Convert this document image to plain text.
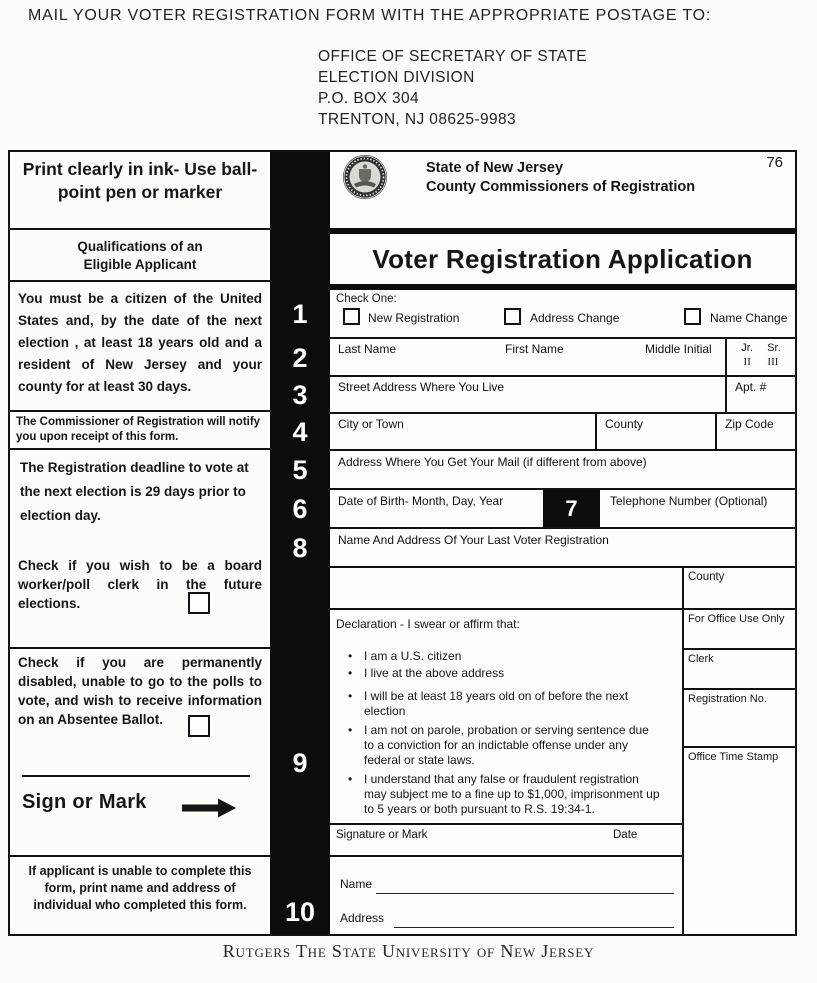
MAIL YOUR VOTER REGISTRATION FORM WITH THE APPROPRIATE POSTAGE TO:
OFFICE OF SECRETARY OF STATE
ELECTION DIVISION
P.O. BOX 304
TRENTON, NJ 08625-9983
Print clearly in ink- Use ball-point pen or marker
Qualifications of an Eligible Applicant
You must be a citizen of the United States and, by the date of the next election , at least 18 years old and a resident of New Jersey and your county for at least 30 days.
The Commissioner of Registration will notify you upon receipt of this form.
The Registration deadline to vote at the next election is 29 days prior to election day.
Check if you wish to be a board worker/poll clerk in the future elections.
Check if you are permanently disabled, unable to go to the polls to vote, and wish to receive information on an Absentee Ballot.
Sign or Mark
If applicant is unable to complete this form, print name and address of individual who completed this form.
1
2
3
4
5
6
8
9
10
State of New Jersey
County Commissioners of Registration
76
Voter Registration Application
Check One:
New Registration	Address Change	Name Change
Last Name	First Name	Middle Initial	Jr. Sr.
II III
Street Address Where You Live	Apt. #
City or Town	County	Zip Code
Address Where You Get Your Mail (if different from above)
Date of Birth- Month, Day, Year	7	Telephone Number (Optional)
Name And Address Of Your Last Voter Registration
Declaration - I swear or affirm that:
• I am a U.S. citizen
• I live at the above address
• I will be at least 18 years old on of before the next election
• I am not on parole, probation or serving sentence due to a conviction for an indictable offense under any federal or state laws.
• I understand that any false or fraudulent registration may subject me to a fine up to $1,000, imprisonment up to 5 years or both pursuant to R.S. 19:34-1.
Signature or Mark	Date
Name
Address
County
For Office Use Only
Clerk
Registration No.
Office Time Stamp
Rutgers The State University of New Jersey
